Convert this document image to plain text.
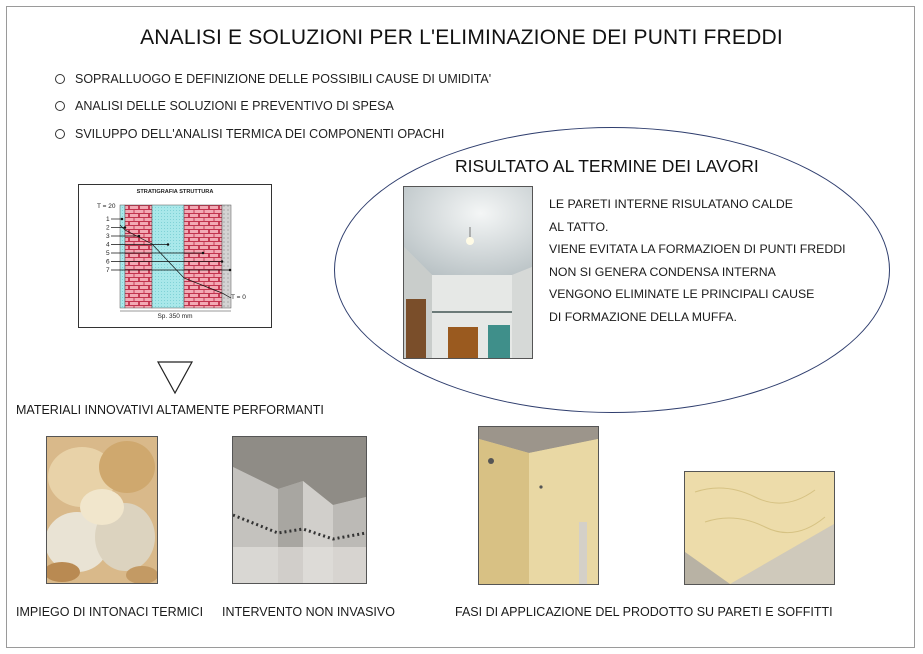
ANALISI E SOLUZIONI PER L'ELIMINAZIONE DEI PUNTI FREDDI
SOPRALLUOGO E DEFINIZIONE DELLE POSSIBILI CAUSE DI UMIDITA'
ANALISI DELLE SOLUZIONI E PREVENTIVO DI SPESA
SVILUPPO DELL'ANALISI TERMICA DEI COMPONENTI OPACHI
STRATIGRAFIA STRUTTURA
T = 20
1
2
3
4
5
6
7
T = 0
Sp. 350 mm
MATERIALI INNOVATIVI ALTAMENTE PERFORMANTI
RISULTATO AL TERMINE DEI LAVORI
LE PARETI INTERNE RISULATANO CALDE
AL TATTO.
VIENE EVITATA LA FORMAZIOEN DI PUNTI FREDDI
NON SI GENERA CONDENSA INTERNA
VENGONO ELIMINATE LE PRINCIPALI CAUSE
DI FORMAZIONE DELLA MUFFA.
IMPIEGO DI INTONACI TERMICI INTERVENTO NON INVASIVO	FASI DI APPLICAZIONE DEL PRODOTTO SU PARETI E SOFFITTI
